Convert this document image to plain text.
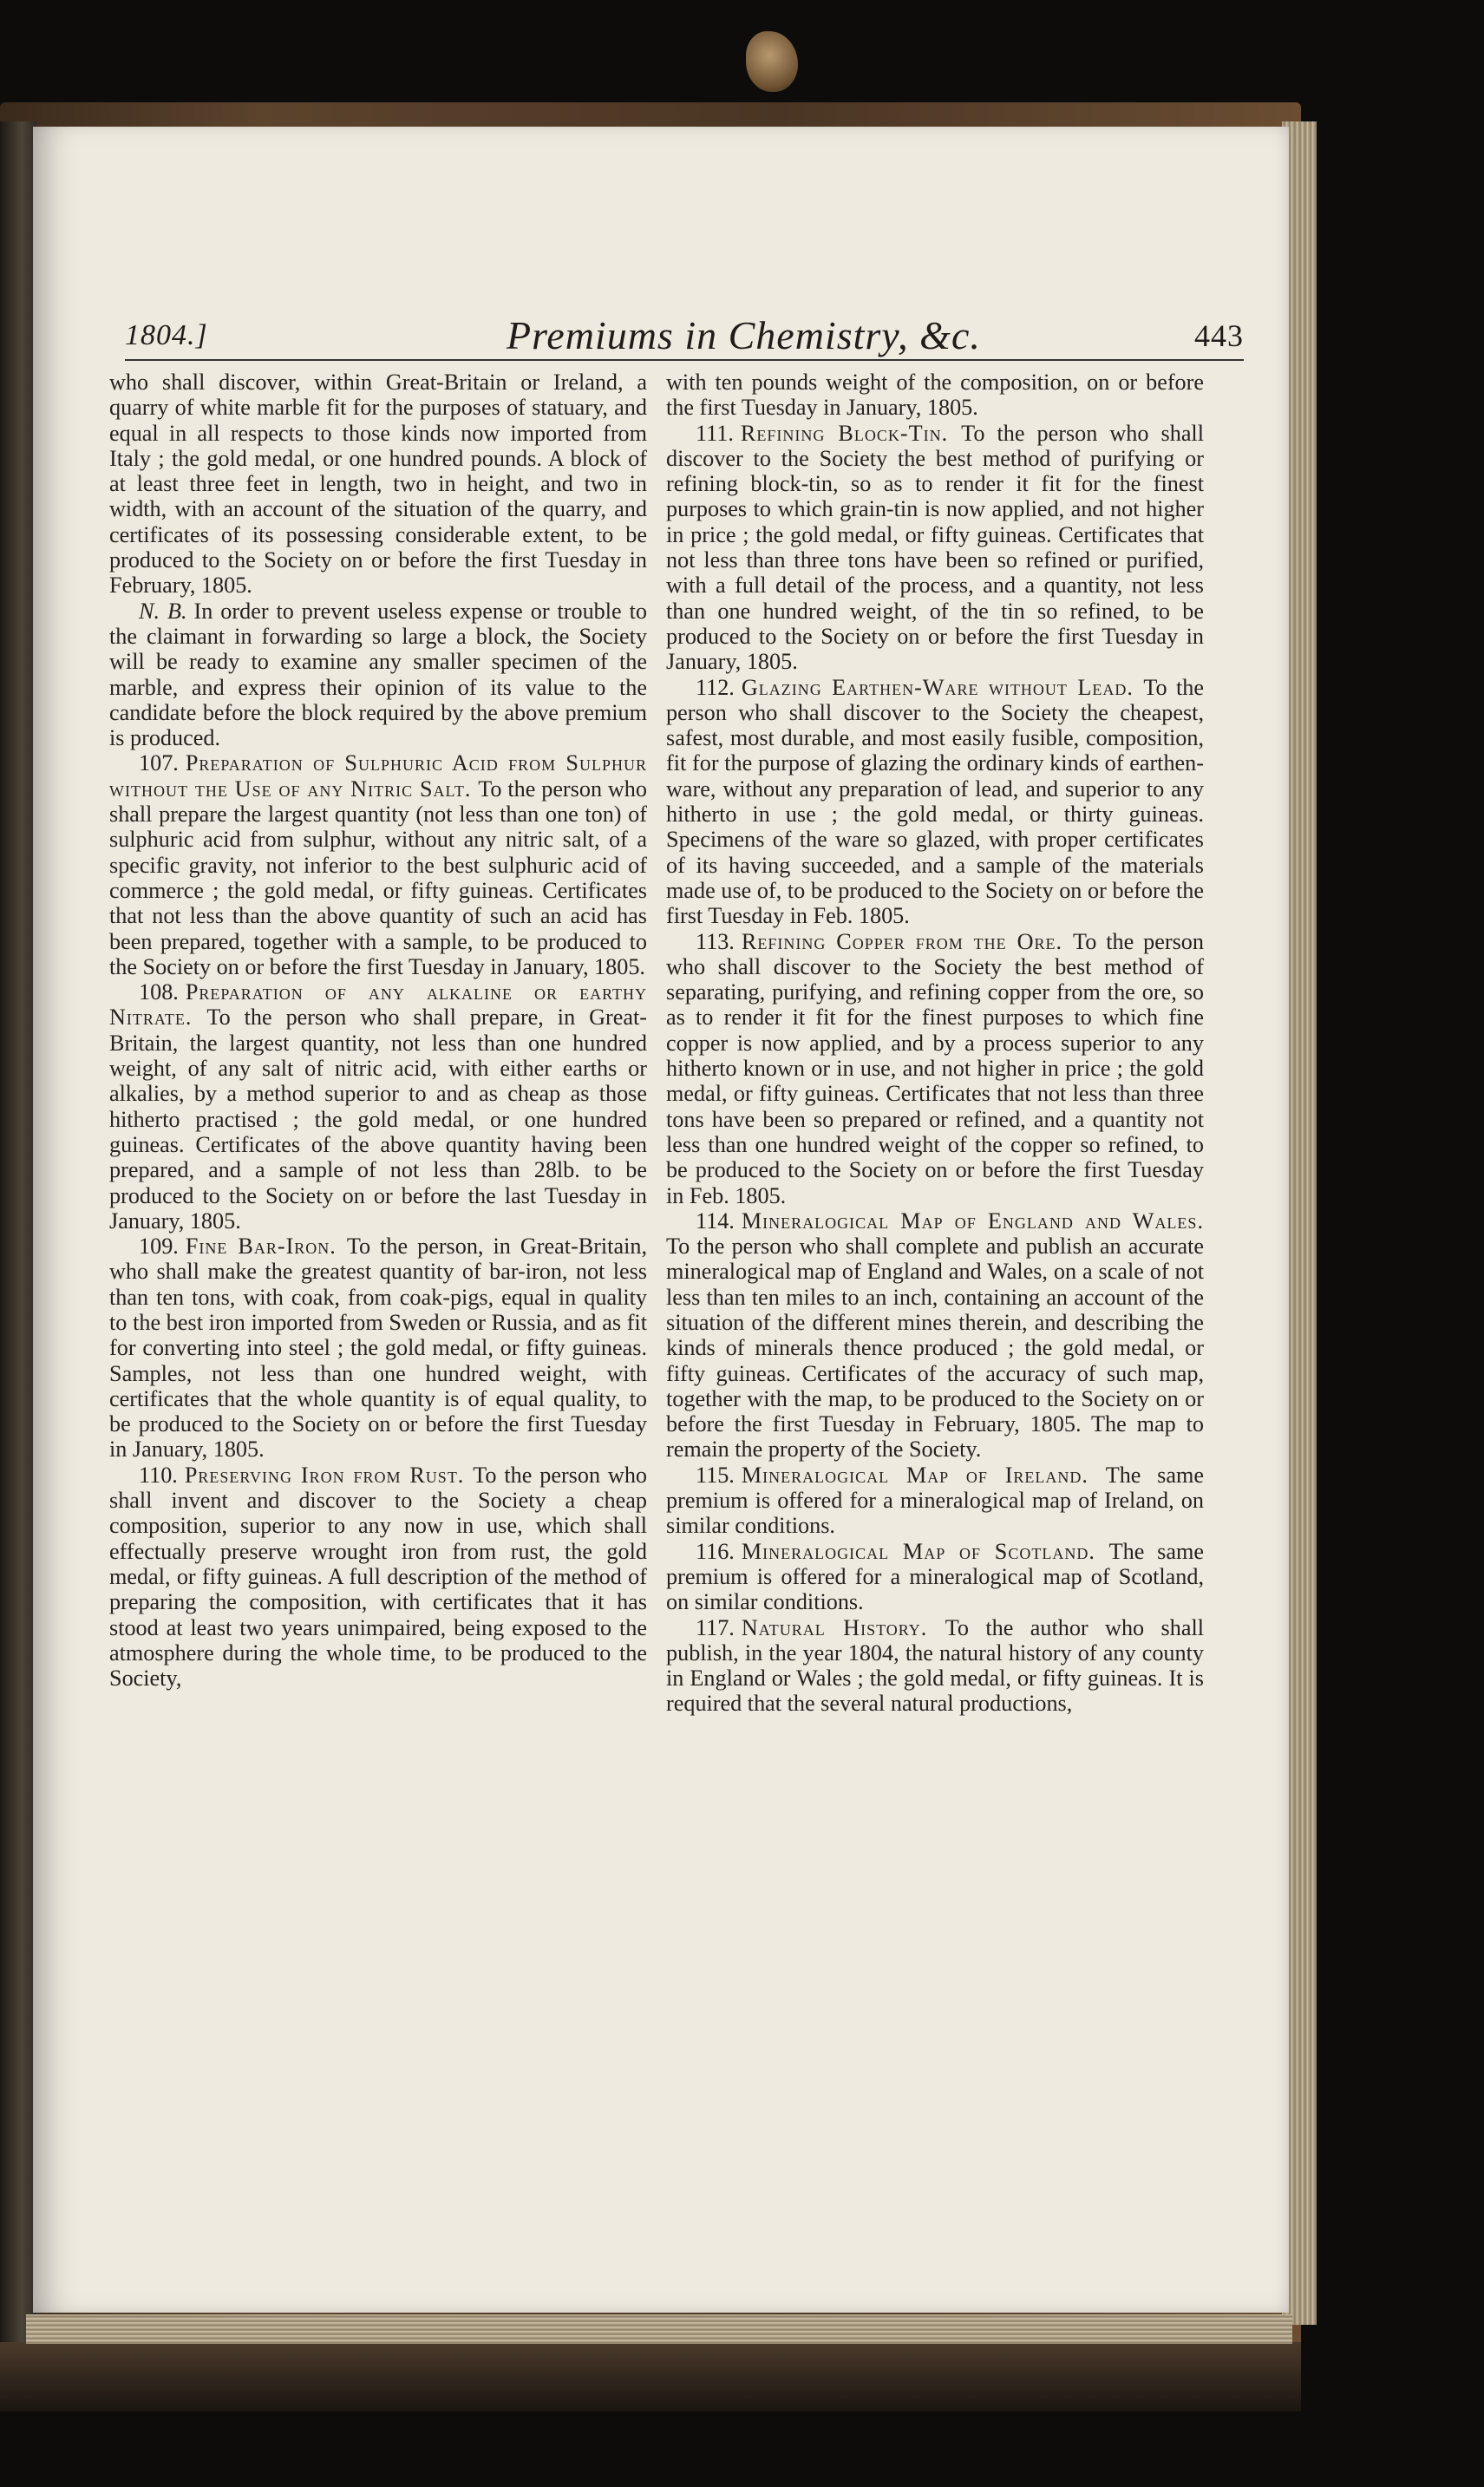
1804.]	Premiums in Chemistry, &c.	443

who shall discover, within Great-Britain or Ireland, a quarry of white marble fit for the purposes of statuary, and equal in all respects to those kinds now imported from Italy ; the gold medal, or one hundred pounds. A block of at least three feet in length, two in height, and two in width, with an account of the situation of the quarry, and certificates of its possessing considerable extent, to be produced to the Society on or before the first Tuesday in February, 1805.

N. B. In order to prevent useless expense or trouble to the claimant in forwarding so large a block, the Society will be ready to examine any smaller specimen of the marble, and express their opinion of its value to the candidate before the block required by the above premium is produced.

107. Preparation of Sulphuric Acid from Sulphur without the Use of any Nitric Salt. To the person who shall prepare the largest quantity (not less than one ton) of sulphuric acid from sulphur, without any nitric salt, of a specific gravity, not inferior to the best sulphuric acid of commerce ; the gold medal, or fifty guineas. Certificates that not less than the above quantity of such an acid has been prepared, together with a sample, to be produced to the Society on or before the first Tuesday in January, 1805.

108. Preparation of any alkaline or earthy Nitrate. To the person who shall prepare, in Great-Britain, the largest quantity, not less than one hundred weight, of any salt of nitric acid, with either earths or alkalies, by a method superior to and as cheap as those hitherto practised ; the gold medal, or one hundred guineas. Certificates of the above quantity having been prepared, and a sample of not less than 28lb. to be produced to the Society on or before the last Tuesday in January, 1805.

109. Fine Bar-Iron. To the person, in Great-Britain, who shall make the greatest quantity of bar-iron, not less than ten tons, with coak, from coak-pigs, equal in quality to the best iron imported from Sweden or Russia, and as fit for converting into steel ; the gold medal, or fifty guineas. Samples, not less than one hundred weight, with certificates that the whole quantity is of equal quality, to be produced to the Society on or before the first Tuesday in January, 1805.

110. Preserving Iron from Rust. To the person who shall invent and discover to the Society a cheap composition, superior to any now in use, which shall effectually preserve wrought iron from rust, the gold medal, or fifty guineas. A full description of the method of preparing the composition, with certificates that it has stood at least two years unimpaired, being exposed to the atmosphere during the whole time, to be produced to the Society,

with ten pounds weight of the composition, on or before the first Tuesday in January, 1805.

111. Refining Block-Tin. To the person who shall discover to the Society the best method of purifying or refining block-tin, so as to render it fit for the finest purposes to which grain-tin is now applied, and not higher in price ; the gold medal, or fifty guineas. Certificates that not less than three tons have been so refined or purified, with a full detail of the process, and a quantity, not less than one hundred weight, of the tin so refined, to be produced to the Society on or before the first Tuesday in January, 1805.

112. Glazing Earthen-Ware without Lead. To the person who shall discover to the Society the cheapest, safest, most durable, and most easily fusible, composition, fit for the purpose of glazing the ordinary kinds of earthen-ware, without any preparation of lead, and superior to any hitherto in use ; the gold medal, or thirty guineas. Specimens of the ware so glazed, with proper certificates of its having succeeded, and a sample of the materials made use of, to be produced to the Society on or before the first Tuesday in Feb. 1805.

113. Refining Copper from the Ore. To the person who shall discover to the Society the best method of separating, purifying, and refining copper from the ore, so as to render it fit for the finest purposes to which fine copper is now applied, and by a process superior to any hitherto known or in use, and not higher in price ; the gold medal, or fifty guineas. Certificates that not less than three tons have been so prepared or refined, and a quantity not less than one hundred weight of the copper so refined, to be produced to the Society on or before the first Tuesday in Feb. 1805.

114. Mineralogical Map of England and Wales. To the person who shall complete and publish an accurate mineralogical map of England and Wales, on a scale of not less than ten miles to an inch, containing an account of the situation of the different mines therein, and describing the kinds of minerals thence produced ; the gold medal, or fifty guineas. Certificates of the accuracy of such map, together with the map, to be produced to the Society on or before the first Tuesday in February, 1805. The map to remain the property of the Society.

115. Mineralogical Map of Ireland. The same premium is offered for a mineralogical map of Ireland, on similar conditions.

116. Mineralogical Map of Scotland. The same premium is offered for a mineralogical map of Scotland, on similar conditions.

117. Natural History. To the author who shall publish, in the year 1804, the natural history of any county in England or Wales ; the gold medal, or fifty guineas. It is required that the several natural productions,
